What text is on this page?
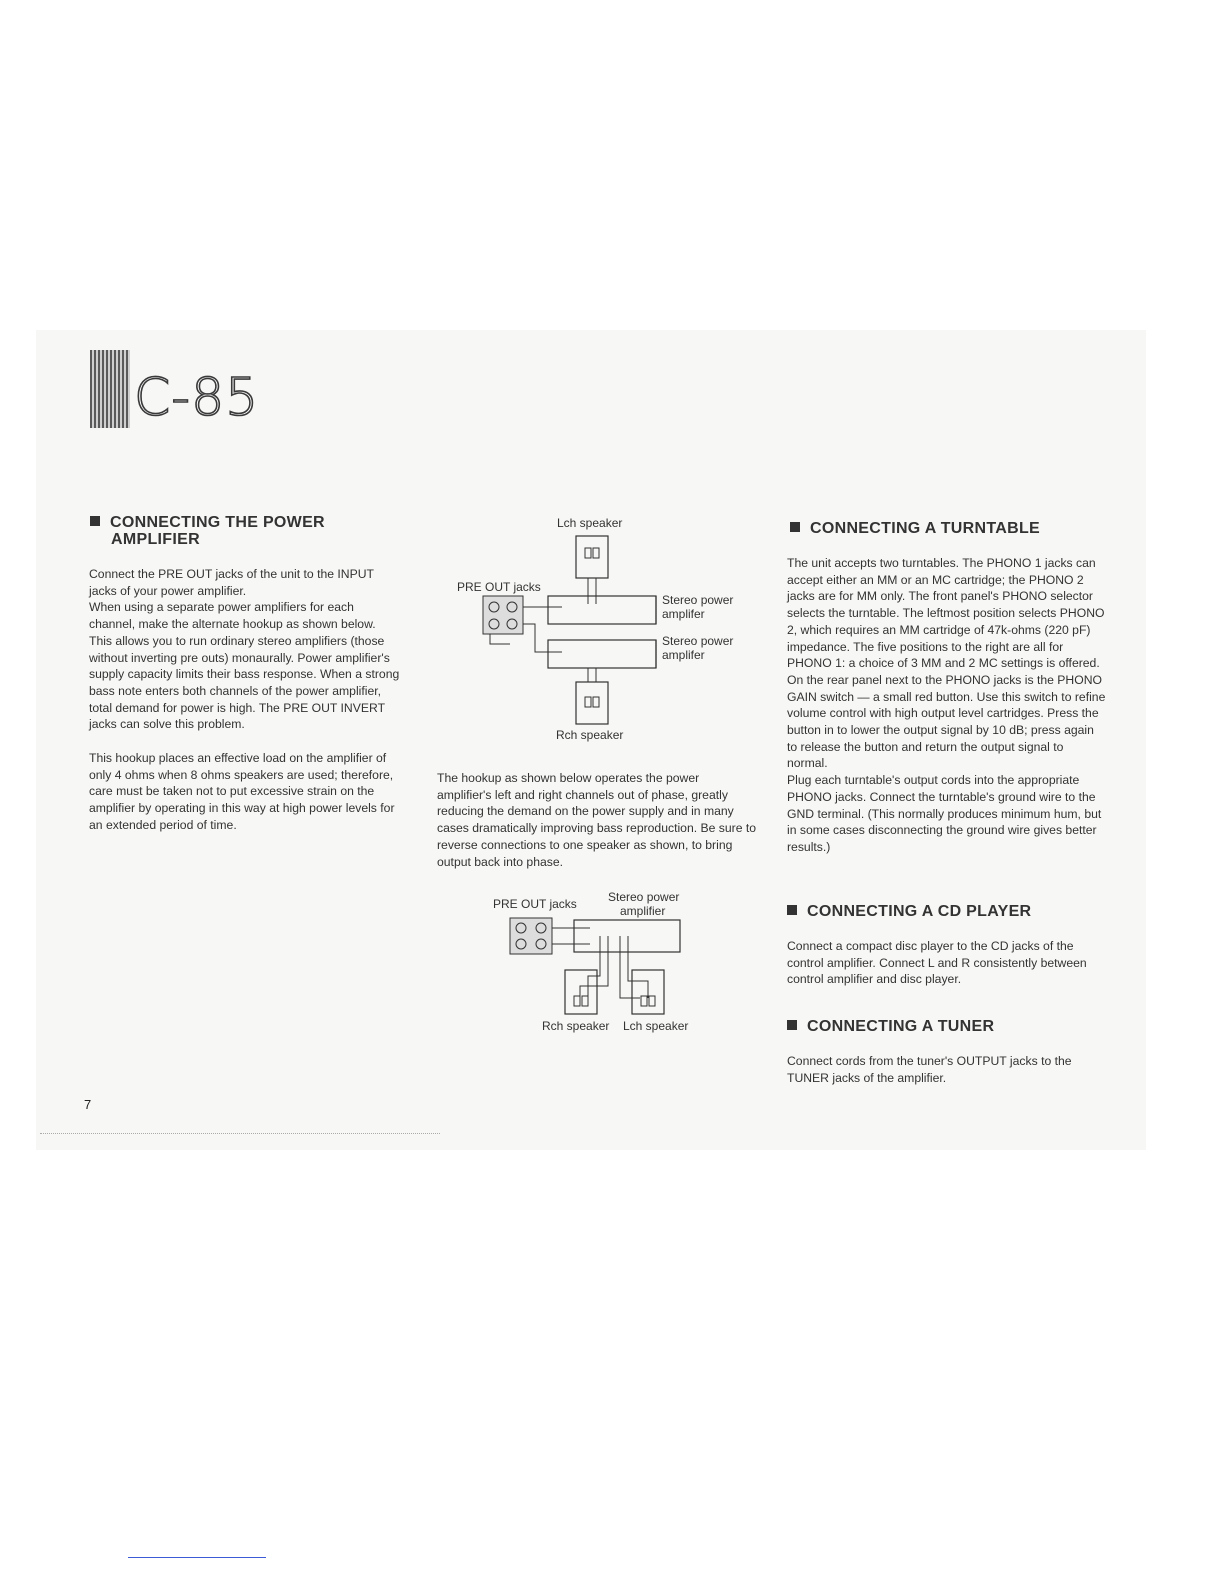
C-85
CONNECTING THE POWER
AMPLIFIER

Connect the PRE OUT jacks of the unit to the INPUT jacks of your power amplifier.
When using a separate power amplifiers for each channel, make the alternate hookup as shown below. This allows you to run ordinary stereo amplifiers (those without inverting pre outs) monaurally. Power amplifier's supply capacity limits their bass response. When a strong bass note enters both channels of the power amplifier, total demand for power is high. The PRE OUT INVERT jacks can solve this problem.

This hookup places an effective load on the amplifier of only 4 ohms when 8 ohms speakers are used; therefore, care must be taken not to put excessive strain on the amplifier by operating in this way at high power levels for an extended period of time.

Lch speaker
PRE OUT jacks
Stereo power
amplifer
Stereo power
amplifer
Rch speaker

The hookup as shown below operates the power amplifier's left and right channels out of phase, greatly reducing the demand on the power supply and in many cases dramatically improving bass reproduction. Be sure to reverse connections to one speaker as shown, to bring output back into phase.

PRE OUT jacks	Stereo power
amplifier
Rch speaker Lch speaker
CONNECTING A TURNTABLE

The unit accepts two turntables. The PHONO 1 jacks can accept either an MM or an MC cartridge; the PHONO 2 jacks are for MM only. The front panel's PHONO selector selects the turntable. The leftmost position selects PHONO 2, which requires an MM cartridge of 47k-ohms (220 pF) impedance. The five positions to the right are all for PHONO 1: a choice of 3 MM and 2 MC settings is offered.
On the rear panel next to the PHONO jacks is the PHONO GAIN switch — a small red button. Use this switch to refine volume control with high output level cartridges. Press the button in to lower the output signal by 10 dB; press again to release the button and return the output signal to normal.
Plug each turntable's output cords into the appropriate PHONO jacks. Connect the turntable's ground wire to the GND terminal. (This normally produces minimum hum, but in some cases disconnecting the ground wire gives better results.)

CONNECTING A CD PLAYER

Connect a compact disc player to the CD jacks of the control amplifier. Connect L and R consistently between control amplifier and disc player.

CONNECTING A TUNER

Connect cords from the tuner's OUTPUT jacks to the TUNER jacks of the amplifier.

7
